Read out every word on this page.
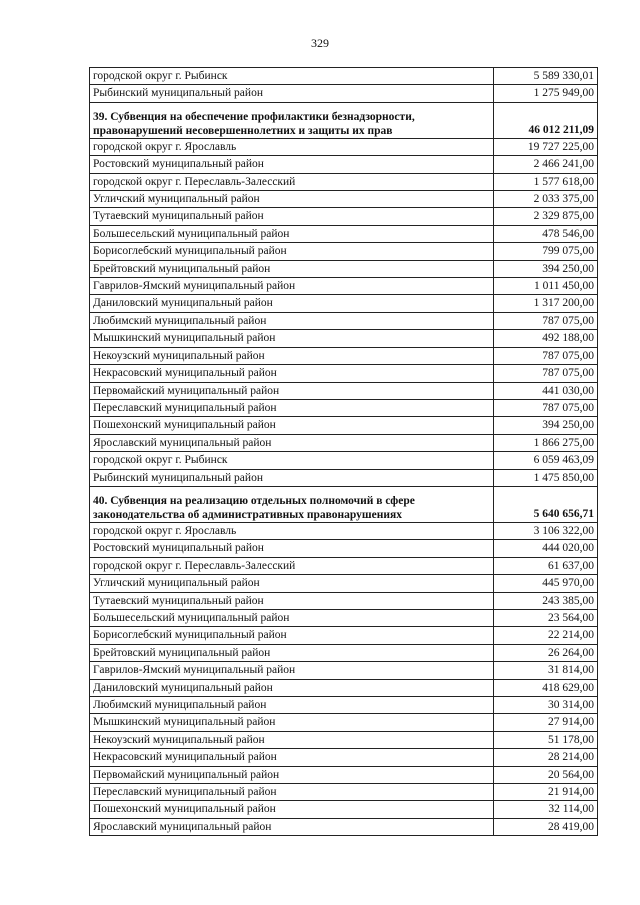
329
городской округ г. Рыбинск	5 589 330,01
Рыбинский муниципальный район	1 275 949,00
39. Субвенция на обеспечение профилактики безнадзорности, правонарушений несовершеннолетних и защиты их прав	46 012 211,09
городской округ г. Ярославль	19 727 225,00
Ростовский муниципальный район	2 466 241,00
городской округ г. Переславль-Залесский	1 577 618,00
Угличский муниципальный район	2 033 375,00
Тутаевский муниципальный район	2 329 875,00
Большесельский муниципальный район	478 546,00
Борисоглебский муниципальный район	799 075,00
Брейтовский муниципальный район	394 250,00
Гаврилов-Ямский муниципальный район	1 011 450,00
Даниловский муниципальный район	1 317 200,00
Любимский муниципальный район	787 075,00
Мышкинский муниципальный район	492 188,00
Некоузский муниципальный район	787 075,00
Некрасовский муниципальный район	787 075,00
Первомайский муниципальный район	441 030,00
Переславский муниципальный район	787 075,00
Пошехонский муниципальный район	394 250,00
Ярославский муниципальный район	1 866 275,00
городской округ г. Рыбинск	6 059 463,09
Рыбинский муниципальный район	1 475 850,00
40. Субвенция на реализацию отдельных полномочий в сфере законодательства об административных правонарушениях	5 640 656,71
городской округ г. Ярославль	3 106 322,00
Ростовский муниципальный район	444 020,00
городской округ г. Переславль-Залесский	61 637,00
Угличский муниципальный район	445 970,00
Тутаевский муниципальный район	243 385,00
Большесельский муниципальный район	23 564,00
Борисоглебский муниципальный район	22 214,00
Брейтовский муниципальный район	26 264,00
Гаврилов-Ямский муниципальный район	31 814,00
Даниловский муниципальный район	418 629,00
Любимский муниципальный район	30 314,00
Мышкинский муниципальный район	27 914,00
Некоузский муниципальный район	51 178,00
Некрасовский муниципальный район	28 214,00
Первомайский муниципальный район	20 564,00
Переславский муниципальный район	21 914,00
Пошехонский муниципальный район	32 114,00
Ярославский муниципальный район	28 419,00
